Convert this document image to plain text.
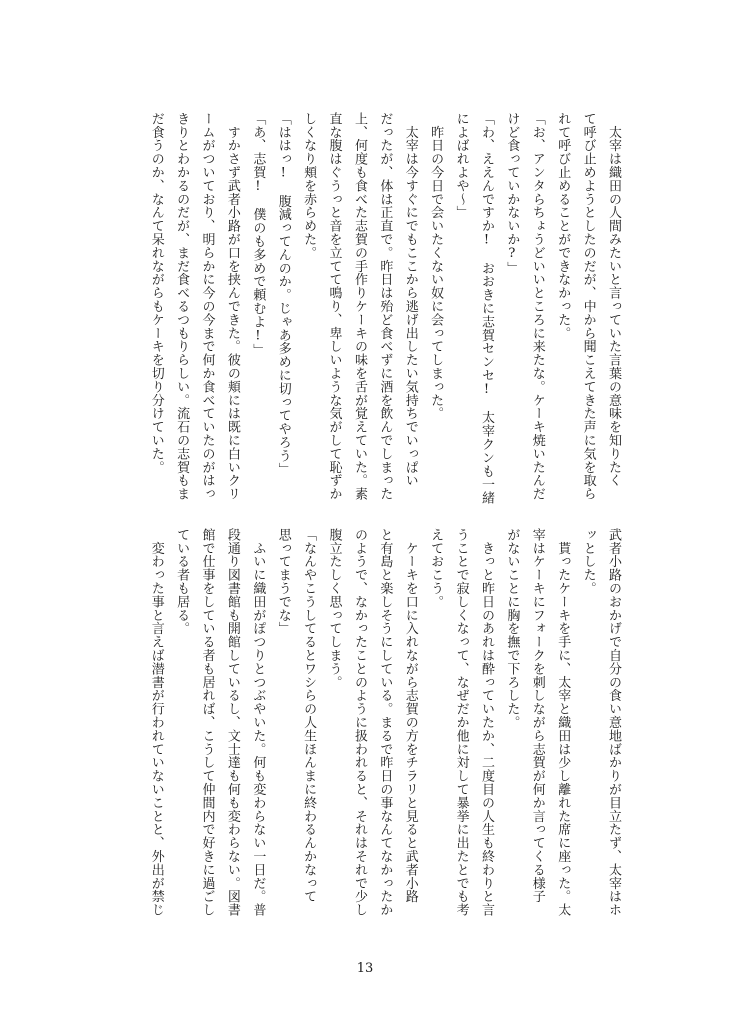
　太宰は織田の人間みたいと言っていた言葉の意味を知りたく
て呼び止めようとしたのだが、中から聞こえてきた声に気を取ら
れて呼び止めることができなかった。
「お、アンタらちょうどいいところに来たな。ケーキ焼いたんだ
けど食っていかないか?」
「わ、ええんですか!　おおきに志賀センセ!　太宰クンも一緒
によばれよや～」
　昨日の今日で会いたくない奴に会ってしまった。
　太宰は今すぐにでもここから逃げ出したい気持ちでいっぱい
だったが、体は正直で。昨日は殆ど食べずに酒を飲んでしまった
上、何度も食べた志賀の手作りケーキの味を舌が覚えていた。素
直な腹はぐうっと音を立てて鳴り、卑しいような気がして恥ずか
しくなり頬を赤らめた。
「ははっ!　腹減ってんのか。じゃあ多めに切ってやろう」
「あ、志賀!　僕のも多めで頼むよ!」
　すかさず武者小路が口を挟んできた。彼の頬には既に白いクリ
ームがついており、明らかに今の今まで何か食べていたのがはっ
きりとわかるのだが、まだ食べるつもりらしい。流石の志賀もま
だ食うのか、なんて呆れながらもケーキを切り分けていた。
武者小路のおかげで自分の食い意地ばかりが目立たず、太宰はホ
ッとした。
　貰ったケーキを手に、太宰と織田は少し離れた席に座った。太
宰はケーキにフォークを刺しながら志賀が何か言ってくる様子
がないことに胸を撫で下ろした。
　きっと昨日のあれは酔っていたか、二度目の人生も終わりと言
うことで寂しくなって、なぜだか他に対して暴挙に出たとでも考
えておこう。
　ケーキを口に入れながら志賀の方をチラリと見ると武者小路
と有島と楽しそうにしている。まるで昨日の事なんてなかったか
のようで、なかったことのように扱われると、それはそれで少し
腹立たしく思ってしまう。
「なんやこうしてるとワシらの人生ほんまに終わるんかなって
思ってまうでな」
　ふいに織田がぽつりとつぶやいた。何も変わらない一日だ。普
段通り図書館も開館しているし、文士達も何も変わらない。図書
館で仕事をしている者も居れば、こうして仲間内で好きに過ごし
ている者も居る。
　変わった事と言えば潜書が行われていないことと、外出が禁じ
13
